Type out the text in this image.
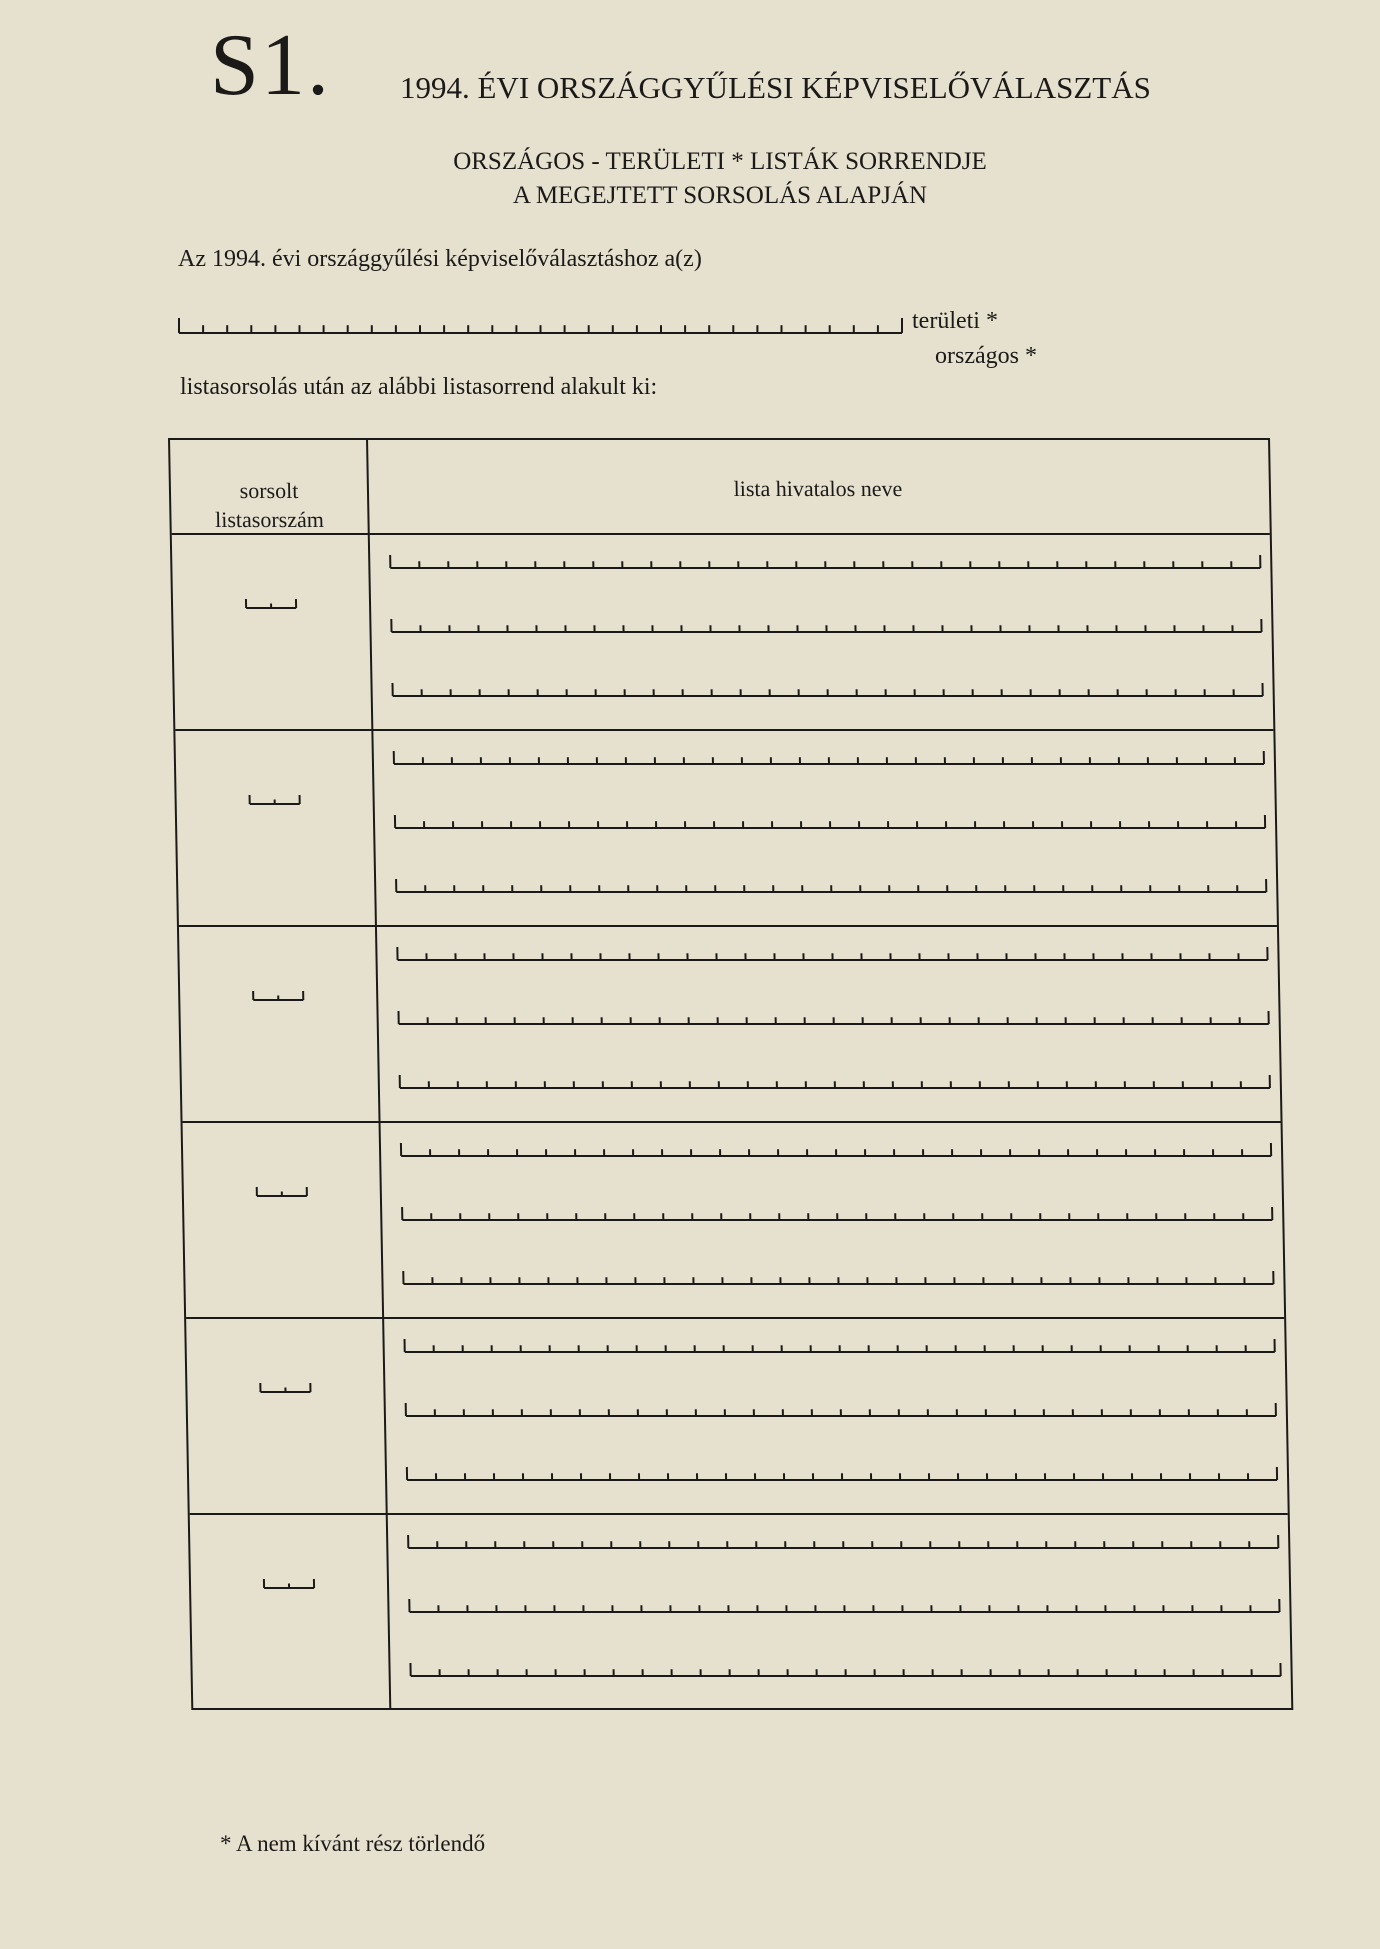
S1. 1994. ÉVI ORSZÁGGYŰLÉSI KÉPVISELŐVÁLASZTÁS
ORSZÁGOS - TERÜLETI * LISTÁK SORRENDJE
A MEGEJTETT SORSOLÁS ALAPJÁN
Az 1994. évi országgyűlési képviselőválasztáshoz a(z)
területi *
országos *
listasorsolás után az alábbi listasorrend alakult ki:
sorsolt
listasorszám
lista hivatalos neve
* A nem kívánt rész törlendő
